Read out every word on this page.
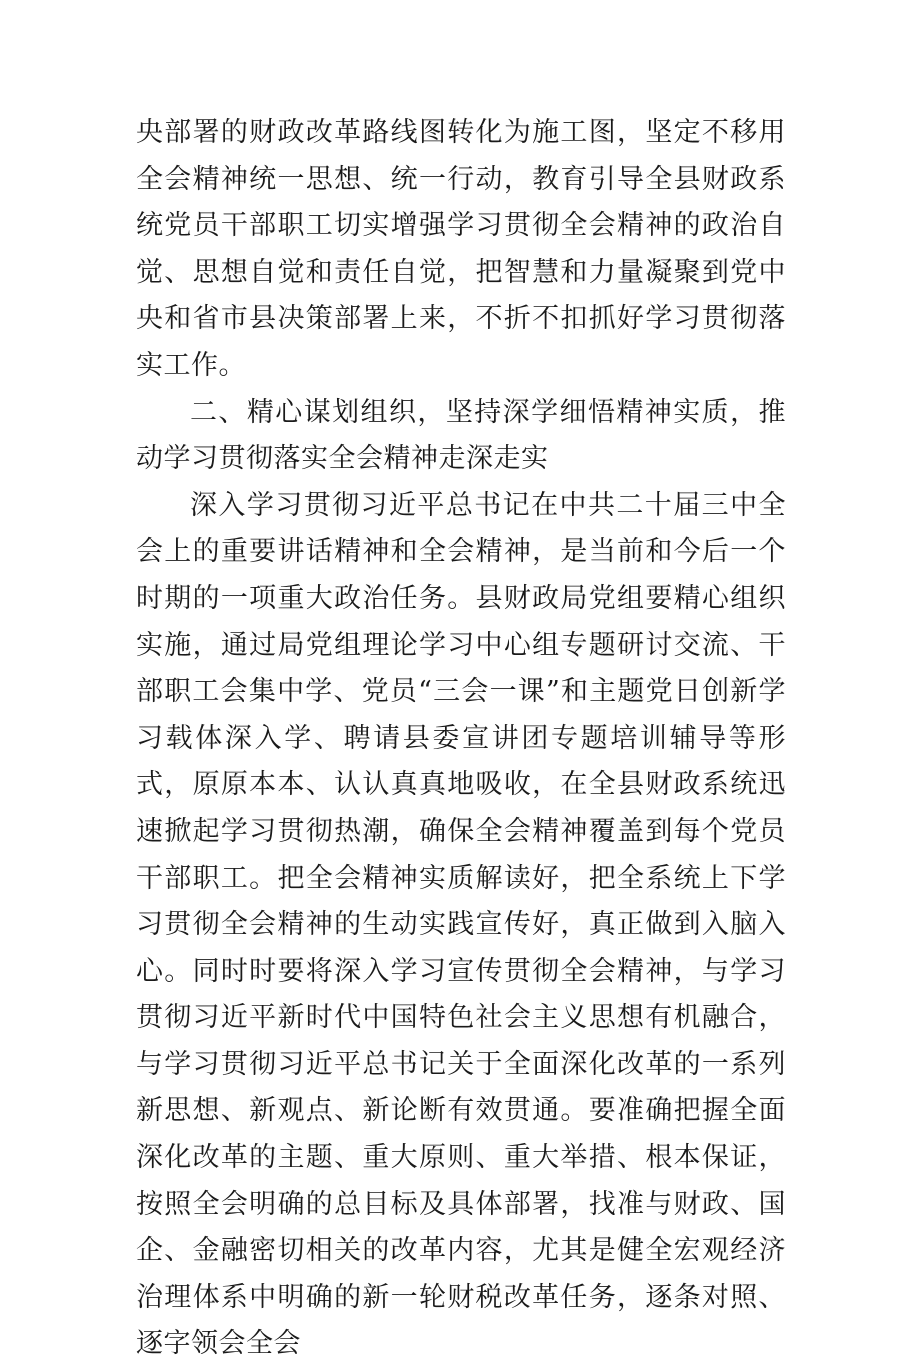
央部署的财政改革路线图转化为施工图，坚定不移用全会精神统一思想、统一行动，教育引导全县财政系统党员干部职工切实增强学习贯彻全会精神的政治自觉、思想自觉和责任自觉，把智慧和力量凝聚到党中央和省市县决策部署上来，不折不扣抓好学习贯彻落实工作。

二、精心谋划组织，坚持深学细悟精神实质，推动学习贯彻落实全会精神走深走实

深入学习贯彻习近平总书记在中共二十届三中全会上的重要讲话精神和全会精神，是当前和今后一个时期的一项重大政治任务。县财政局党组要精心组织实施，通过局党组理论学习中心组专题研讨交流、干部职工会集中学、党员“三会一课”和主题党日创新学习载体深入学、聘请县委宣讲团专题培训辅导等形式，原原本本、认认真真地吸收，在全县财政系统迅速掀起学习贯彻热潮，确保全会精神覆盖到每个党员干部职工。把全会精神实质解读好，把全系统上下学习贯彻全会精神的生动实践宣传好，真正做到入脑入心。同时时要将深入学习宣传贯彻全会精神，与学习贯彻习近平新时代中国特色社会主义思想有机融合，与学习贯彻习近平总书记关于全面深化改革的一系列新思想、新观点、新论断有效贯通。要准确把握全面深化改革的主题、重大原则、重大举措、根本保证，按照全会明确的总目标及具体部署，找准与财政、国企、金融密切相关的改革内容，尤其是健全宏观经济治理体系中明确的新一轮财税改革任务，逐条对照、逐字领会全会
